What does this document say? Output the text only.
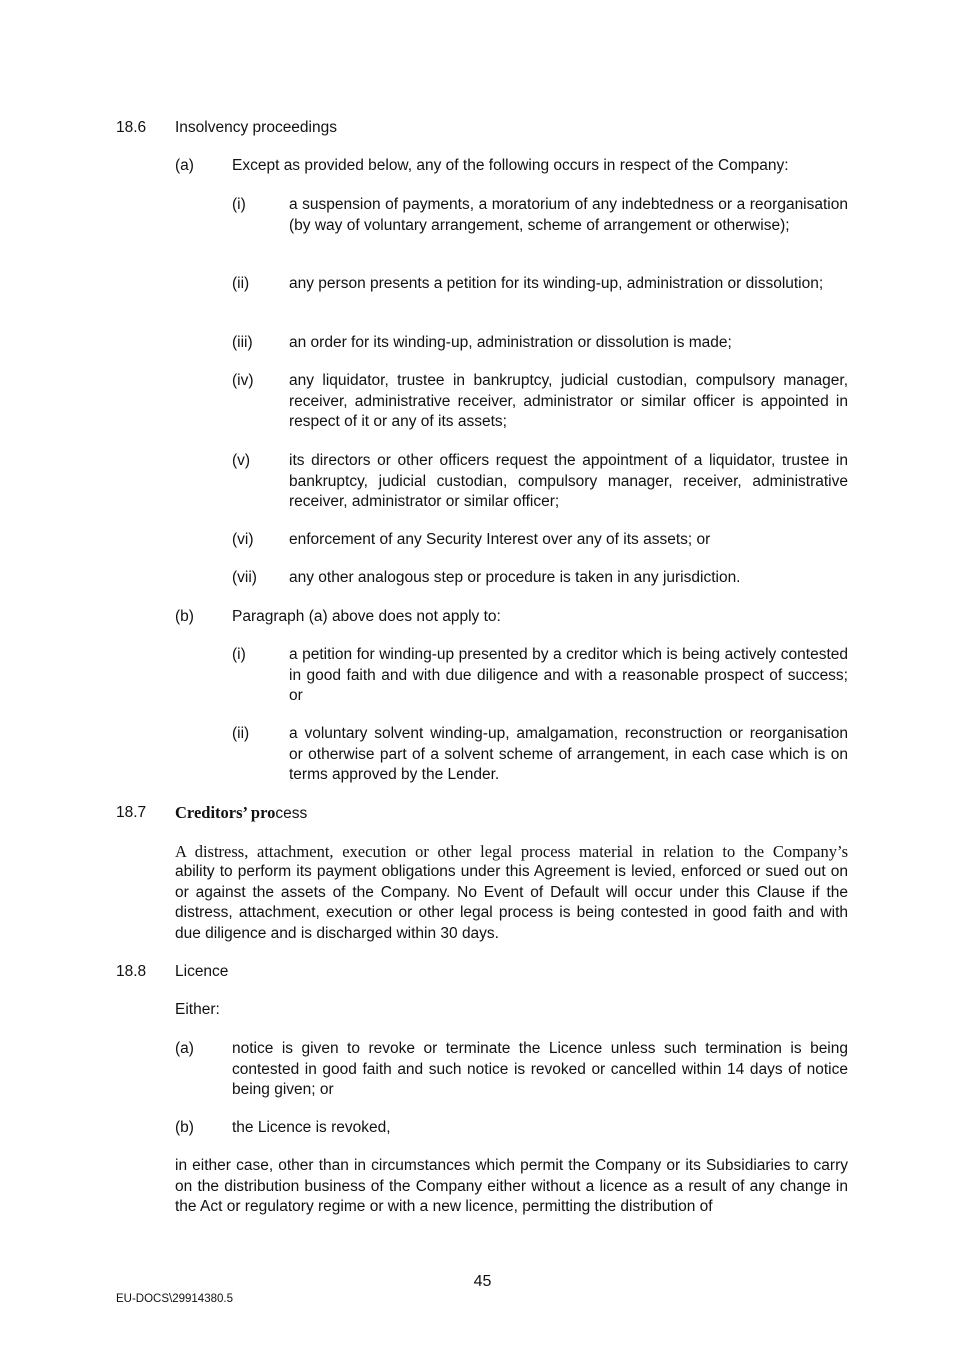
18.6 Insolvency proceedings
(a) Except as provided below, any of the following occurs in respect of the Company:
(i)	a suspension of payments, a moratorium of any indebtedness or a reorganisation (by way of voluntary arrangement, scheme of arrangement or otherwise);
(ii)	any person presents a petition for its winding-up, administration or dissolution;
(iii) an order for its winding-up, administration or dissolution is made;
(iv) any liquidator, trustee in bankruptcy, judicial custodian, compulsory manager, receiver, administrative receiver, administrator or similar officer is appointed in respect of it or any of its assets;
(v)	its directors or other officers request the appointment of a liquidator, trustee in bankruptcy, judicial custodian, compulsory manager, receiver, administrative receiver, administrator or similar officer;
(vi) enforcement of any Security Interest over any of its assets; or
(vii) any other analogous step or procedure is taken in any jurisdiction.
(b) Paragraph (a) above does not apply to:
(i)	a petition for winding-up presented by a creditor which is being actively contested in good faith and with due diligence and with a reasonable prospect of success; or
(ii)	a voluntary solvent winding-up, amalgamation, reconstruction or reorganisation or otherwise part of a solvent scheme of arrangement, in each case which is on terms approved by the Lender.
18.7 Creditors’ process
A distress, attachment, execution or other legal process material in relation to the Company’s
ability to perform its payment obligations under this Agreement is levied, enforced or sued out on or against the assets of the Company. No Event of Default will occur under this Clause if the distress, attachment, execution or other legal process is being contested in good faith and with due diligence and is discharged within 30 days.
18.8 Licence
Either:
(a) notice is given to revoke or terminate the Licence unless such termination is being contested in good faith and such notice is revoked or cancelled within 14 days of notice being given; or
(b) the Licence is revoked,
in either case, other than in circumstances which permit the Company or its Subsidiaries to carry on the distribution business of the Company either without a licence as a result of any change in the Act or regulatory regime or with a new licence, permitting the distribution of
45
EU-DOCS\29914380.5
